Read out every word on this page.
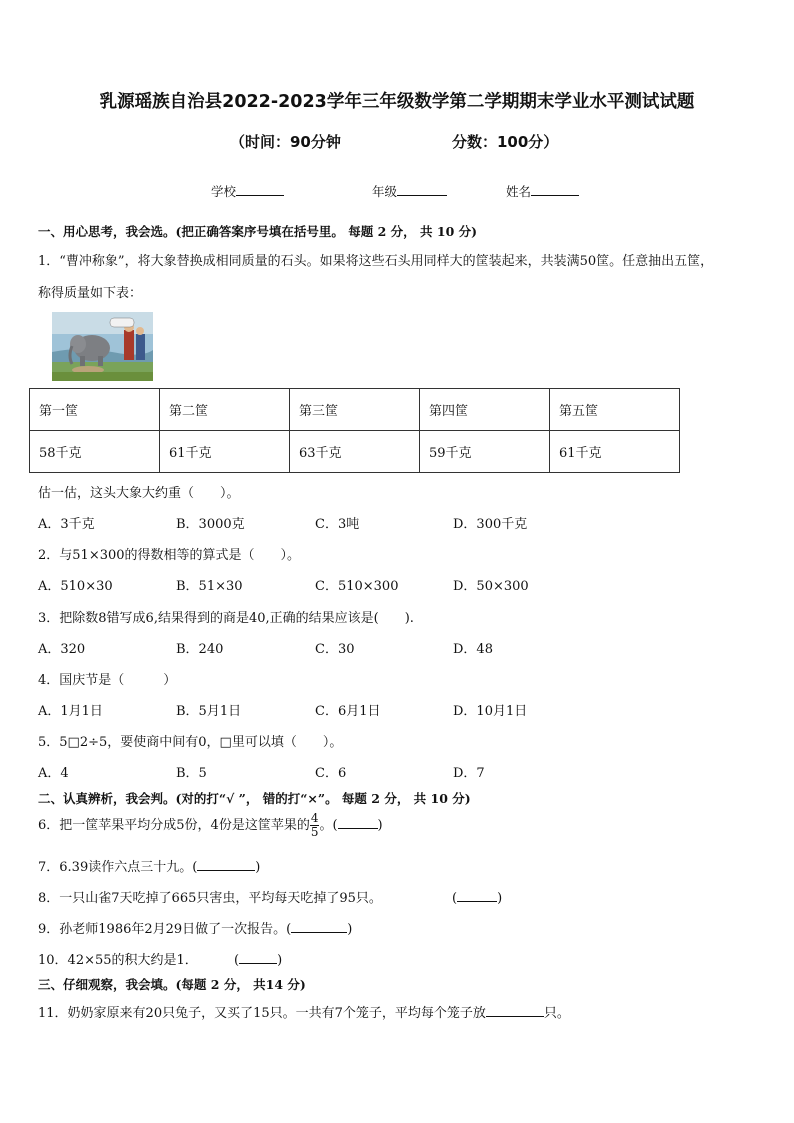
乳源瑶族自治县2022-2023学年三年级数学第二学期期末学业水平测试试题
（时间：90分钟	分数：100分）
学校	年级	姓名
一、用心思考，我会选。(把正确答案序号填在括号里。 每题 2 分， 共 10 分)
1．“曹冲称象”，将大象替换成相同质量的石头。如果将这些石头用同样大的筐装起来，共装满50筐。任意抽出五筐，
称得质量如下表：
第一筐	第二筐	第三筐	第四筐	第五筐
58千克	61千克	63千克	59千克	61千克
估一估，这头大象大约重（　　）。
A．3千克	B．3000克	C．3吨	D．300千克
2．与51×300的得数相等的算式是（　　）。
A．510×30	B．51×30	C．510×300	D．50×300
3．把除数8错写成6,结果得到的商是40,正确的结果应该是(　　).
A．320	B．240	C．30	D．48
4．国庆节是（　　　）
A．1月1日	B．5月1日	C．6月1日	D．10月1日
5．5□2÷5，要使商中间有0，□里可以填（　　）。
A．4	B．5	C．6	D．7
二、认真辨析，我会判。(对的打“√ ”， 错的打“×”。 每题 2 分， 共 10 分)
6．把一筐苹果平均分成5份，4份是这筐苹果的 $\frac{4}{5}$ 。(	)
7．6.39读作六点三十九。(	)
8．一只山雀7天吃掉了665只害虫，平均每天吃掉了95只。	(	)
9．孙老师1986年2月29日做了一次报告。(	)
10．42×55的积大约是1．	(	)
三、仔细观察，我会填。(每题 2 分， 共14 分)
11．奶奶家原来有20只兔子，又买了15只。一共有7个笼子，平均每个笼子放	只。
